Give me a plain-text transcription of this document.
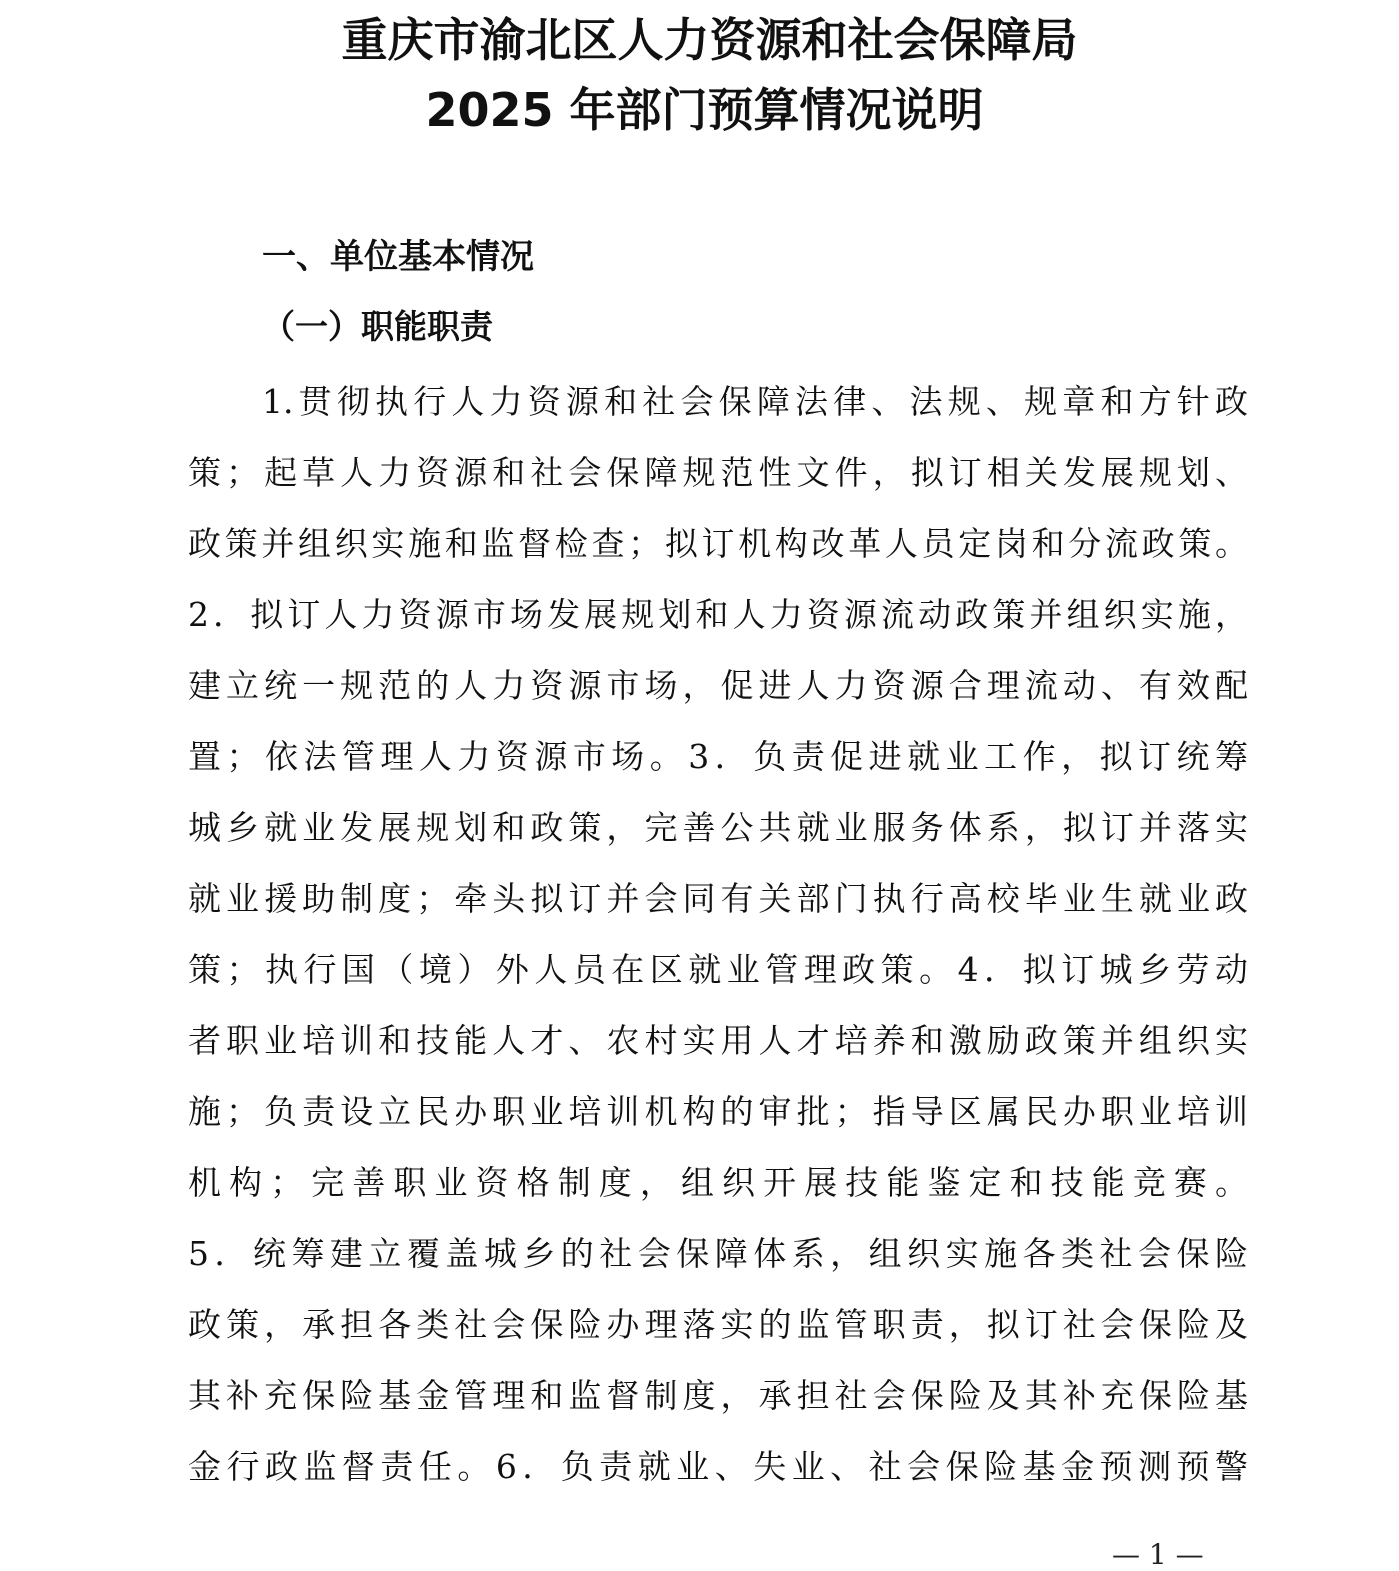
重庆市渝北区人力资源和社会保障局
2025 年部门预算情况说明
一、单位基本情况
（一）职能职责
1.贯彻执行人力资源和社会保障法律、法规、规章和方针政
策；起草人力资源和社会保障规范性文件，拟订相关发展规划、
政策并组织实施和监督检查；拟订机构改革人员定岗和分流政策。
2．拟订人力资源市场发展规划和人力资源流动政策并组织实施，
建立统一规范的人力资源市场，促进人力资源合理流动、有效配
置；依法管理人力资源市场。3．负责促进就业工作，拟订统筹
城乡就业发展规划和政策，完善公共就业服务体系，拟订并落实
就业援助制度；牵头拟订并会同有关部门执行高校毕业生就业政
策；执行国（境）外人员在区就业管理政策。4．拟订城乡劳动
者职业培训和技能人才、农村实用人才培养和激励政策并组织实
施；负责设立民办职业培训机构的审批；指导区属民办职业培训
机构；完善职业资格制度，组织开展技能鉴定和技能竞赛。
5．统筹建立覆盖城乡的社会保障体系，组织实施各类社会保险
政策，承担各类社会保险办理落实的监管职责，拟订社会保险及
其补充保险基金管理和监督制度，承担社会保险及其补充保险基
金行政监督责任。6．负责就业、失业、社会保险基金预测预警
— 1 —
